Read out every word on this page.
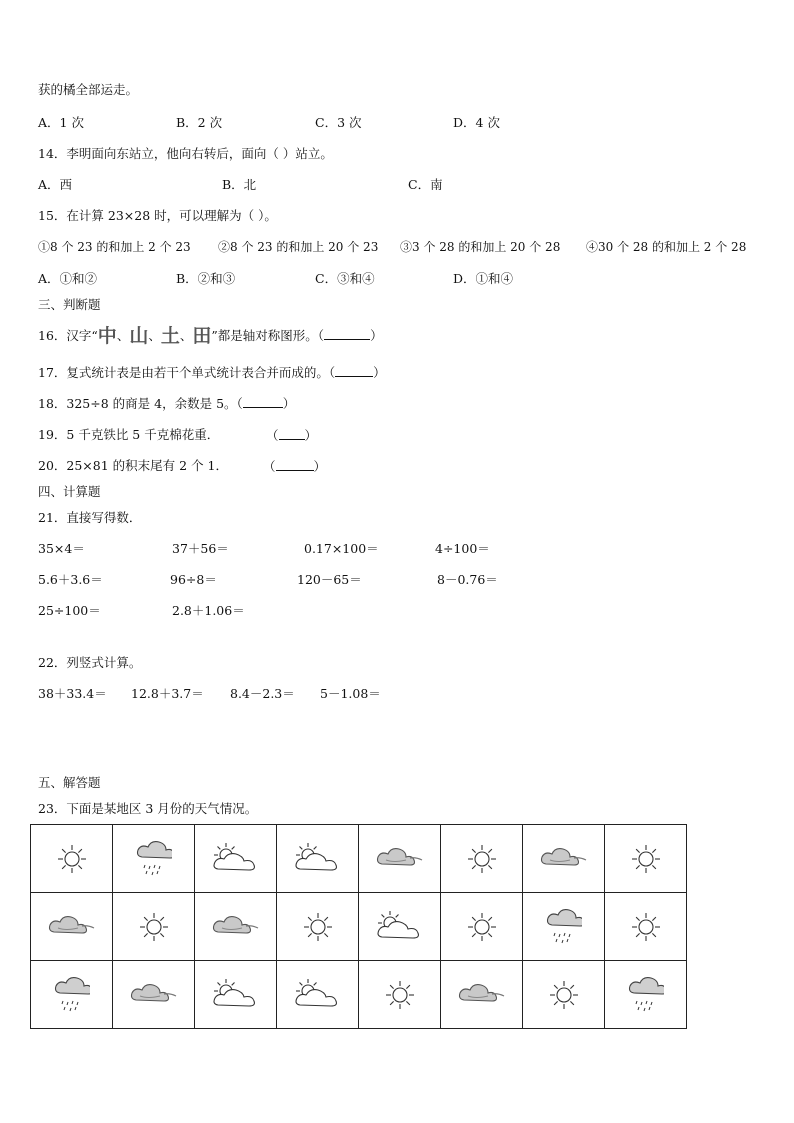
获的橘全部运走。
A．1 次	B．2 次	C．3 次	D．4 次
14．李明面向东站立，他向右转后，面向（ ）站立。
A．西	B．北	C．南
15．在计算 23×28 时，可以理解为（ ）。
①8 个 23 的和加上 2 个 23 ②8 个 23 的和加上 20 个 23 ③3 个 28 的和加上 20 个 28 ④30 个 28 的和加上 2 个 28
A．①和②	B．②和③	C．③和④	D．①和④
三、判断题
16．汉字“中、山、土、田”都是轴对称图形。（	）
17．复式统计表是由若干个单式统计表合并而成的。（	）
18．325÷8 的商是 4，余数是 5。（	）
19．5 千克铁比 5 千克棉花重．	（ ）
20．25×81 的积末尾有 2 个 1．	（	）
四、计算题
21．直接写得数．
35×4＝	37＋56＝	0.17×100＝	4÷100＝
5.6＋3.6＝	96÷8＝	120－65＝	8－0.76＝
25÷100＝	2.8＋1.06＝
22．列竖式计算。
38＋33.4＝ 12.8＋3.7＝ 8.4－2.3＝ 5－1.08＝
五、解答题
23．下面是某地区 3 月份的天气情况。
